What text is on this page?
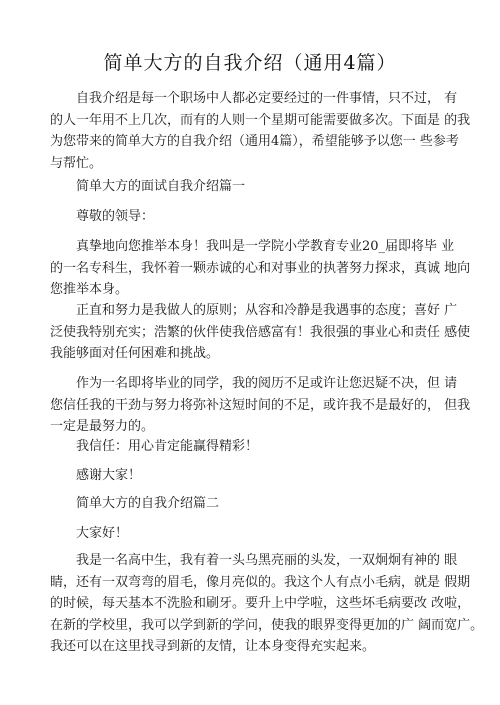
简单大方的自我介绍（通用4篇）
自我介绍是每一个职场中人都必定要经过的一件事情，只不过， 有
的人一年用不上几次，而有的人则一个星期可能需要做多次。下面是 的我
为您带来的简单大方的自我介绍（通用4篇），希望能够予以您一 些参考
与帮忙。
简单大方的面试自我介绍篇一
尊敬的领导：
真挚地向您推举本身！我叫是一学院小学教育专业20_届即将毕 业
的一名专科生，我怀着一颗赤诚的心和对事业的执著努力探求，真诚 地向
您推举本身。
正直和努力是我做人的原则；从容和冷静是我遇事的态度；喜好 广
泛使我特别充实；浩繁的伙伴使我倍感富有！我很强的事业心和责任 感使
我能够面对任何困难和挑战。
作为一名即将毕业的同学，我的阅历不足或许让您迟疑不决，但 请
您信任我的干劲与努力将弥补这短时间的不足，或许我不是最好的， 但我
一定是最努力的。
我信任：用心肯定能赢得精彩！
感谢大家！
简单大方的自我介绍篇二
大家好！
我是一名高中生，我有着一头乌黑亮丽的头发，一双炯炯有神的 眼
睛，还有一双弯弯的眉毛，像月亮似的。我这个人有点小毛病，就是 假期
的时候，每天基本不洗脸和刷牙。要升上中学啦，这些坏毛病要改 改啦，
在新的学校里，我可以学到新的学问，使我的眼界变得更加的广 阔而宽广。
我还可以在这里找寻到新的友情，让本身变得充实起来。
